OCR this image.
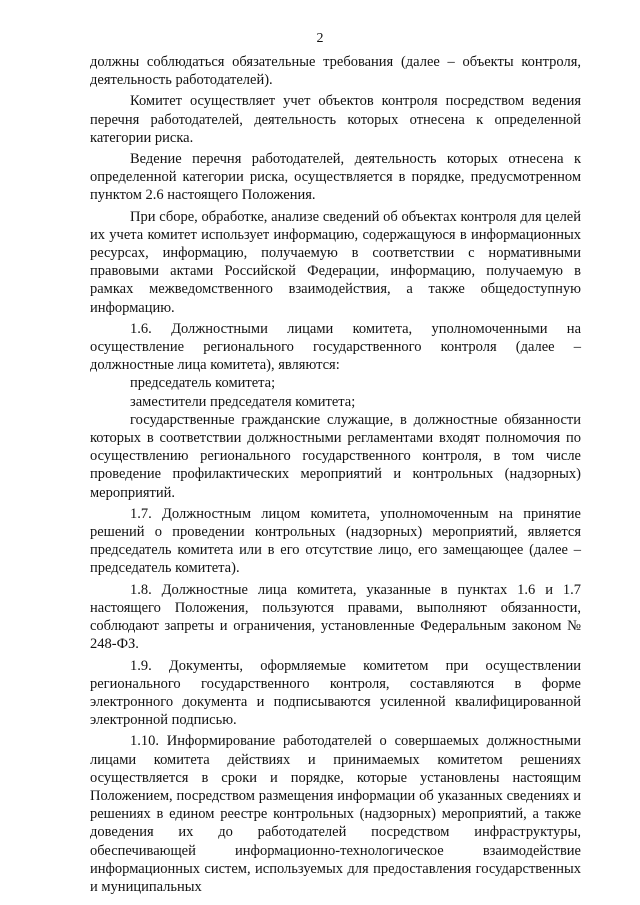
2

должны соблюдаться обязательные требования (далее – объекты контроля, деятельность работодателей).

Комитет осуществляет учет объектов контроля посредством ведения перечня работодателей, деятельность которых отнесена к определенной категории риска.

Ведение перечня работодателей, деятельность которых отнесена к определенной категории риска, осуществляется в порядке, предусмотренном пунктом 2.6 настоящего Положения.

При сборе, обработке, анализе сведений об объектах контроля для целей их учета комитет использует информацию, содержащуюся в информационных ресурсах, информацию, получаемую в соответствии с нормативными правовыми актами Российской Федерации, информацию, получаемую в рамках межведомственного взаимодействия, а также общедоступную информацию.

1.6. Должностными лицами комитета, уполномоченными на осуществление регионального государственного контроля (далее – должностные лица комитета), являются:

председатель комитета;

заместители председателя комитета;

государственные гражданские служащие, в должностные обязанности которых в соответствии должностными регламентами входят полномочия по осуществлению регионального государственного контроля, в том числе проведение профилактических мероприятий и контрольных (надзорных) мероприятий.

1.7. Должностным лицом комитета, уполномоченным на принятие решений о проведении контрольных (надзорных) мероприятий, является председатель комитета или в его отсутствие лицо, его замещающее (далее – председатель комитета).

1.8. Должностные лица комитета, указанные в пунктах 1.6 и 1.7 настоящего Положения, пользуются правами, выполняют обязанности, соблюдают запреты и ограничения, установленные Федеральным законом № 248-ФЗ.

1.9. Документы, оформляемые комитетом при осуществлении регионального государственного контроля, составляются в форме электронного документа и подписываются усиленной квалифицированной электронной подписью.

1.10. Информирование работодателей о совершаемых должностными лицами комитета действиях и принимаемых комитетом решениях осуществляется в сроки и порядке, которые установлены настоящим Положением, посредством размещения информации об указанных сведениях и решениях в едином реестре контрольных (надзорных) мероприятий, а также доведения их до работодателей посредством инфраструктуры, обеспечивающей информационно-технологическое взаимодействие информационных систем, используемых для предоставления государственных и муниципальных
